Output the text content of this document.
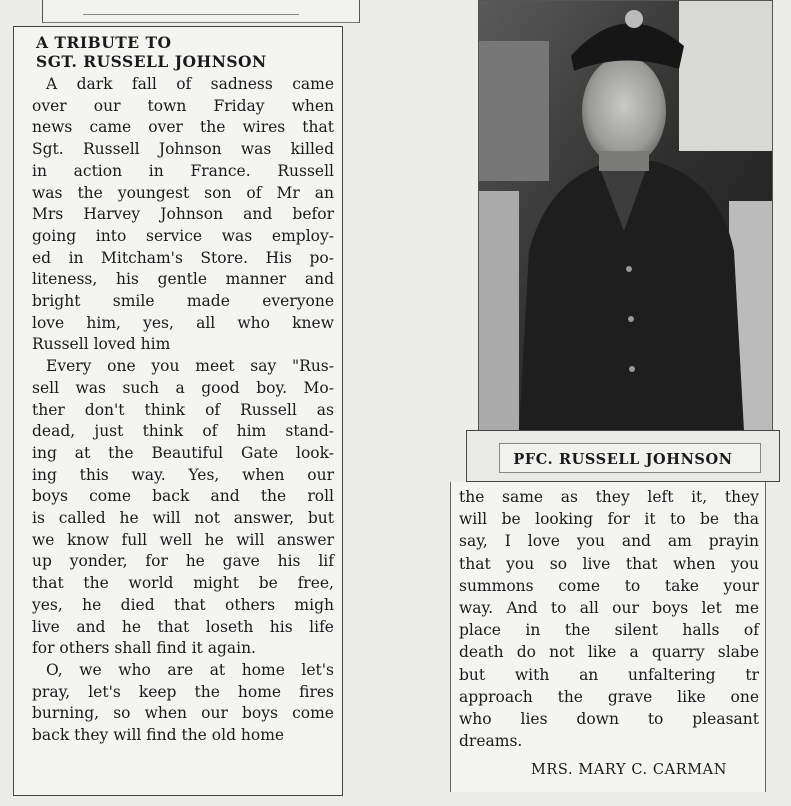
A TRIBUTE TO
SGT. RUSSELL JOHNSON
A dark fall of sadness came
over our town Friday when
news came over the wires that
Sgt. Russell Johnson was killed
in action in France. Russell
was the youngest son of Mr an
Mrs Harvey Johnson and befor
going into service was employ-
ed in Mitcham's Store. His po-
liteness, his gentle manner and
bright smile made everyone
love him, yes, all who knew
Russell loved him
Every one you meet say "Rus-
sell was such a good boy. Mo-
ther don't think of Russell as
dead, just think of him stand-
ing at the Beautiful Gate look-
ing this way. Yes, when our
boys come back and the roll
is called he will not answer, but
we know full well he will answer
up yonder, for he gave his lif
that the world might be free,
yes, he died that others migh
live and he that loseth his life
for others shall find it again.
O, we who are at home let's
pray, let's keep the home fires
burning, so when our boys come
back they will find the old home
PFC. RUSSELL JOHNSON
the same as they left it, they
will be looking for it to be tha
say, I love you and am prayin
that you so live that when you
summons come to take your
way. And to all our boys let me
place in the silent halls of
death do not like a quarry slabe
but with an unfaltering tr
approach the grave like one
who lies down to pleasant
dreams.
MRS. MARY C. CARMAN
